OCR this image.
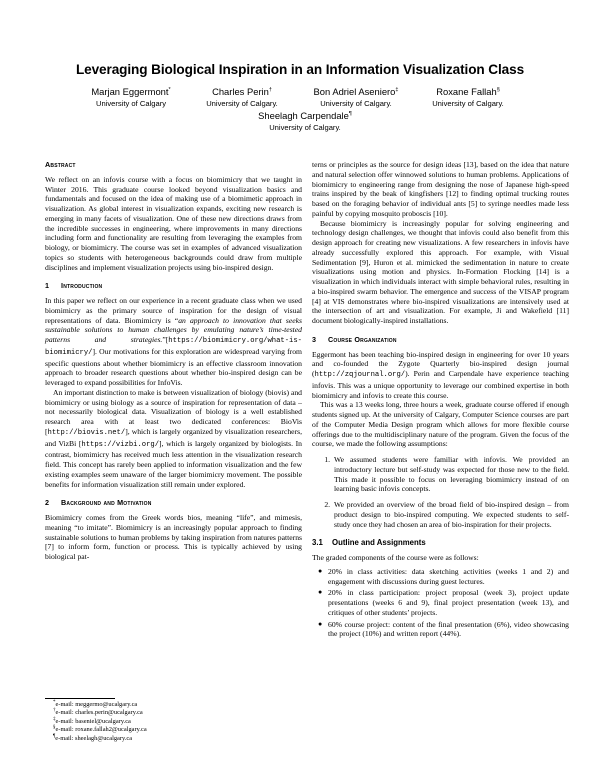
Leveraging Biological Inspiration in an Information Visualization Class
Marjan Eggermont*
University of Calgary
Charles Perin†
University of Calgary.
Bon Adriel Aseniero‡
University of Calgary.
Roxane Fallah§
University of Calgary.
Sheelagh Carpendale¶
University of Calgary.
Abstract

We reflect on an infovis course with a focus on biomimicry that we taught in Winter 2016. This graduate course looked beyond visualization basics and fundamentals and focused on the idea of making use of a biomimetic approach in visualization. As global interest in visualization expands, exciting new research is emerging in many facets of visualization. One of these new directions draws from the incredible successes in engineering, where improvements in many directions including form and functionality are resulting from leveraging the examples from biology, or biomimicry. The course was set in examples of advanced visualization topics so students with heterogeneous backgrounds could draw from multiple disciplines and implement visualization projects using bio-inspired design.

1 Introduction

In this paper we reflect on our experience in a recent graduate class when we used biomimicry as the primary source of inspiration for the design of visual representations of data. Biomimicry is “an approach to innovation that seeks sustainable solutions to human challenges by emulating nature’s time-tested patterns and strategies.”[https://biomimicry.org/what-is-biomimicry/]. Our motivations for this exploration are widespread varying from specific questions about whether biomimicry is an effective classroom innovation approach to broader research questions about whether bio-inspired design can be leveraged to expand possibilities for InfoVis.

An important distinction to make is between visualization of biology (biovis) and biomimicry or using biology as a source of inspiration for representation of data – not necessarily biological data. Visualization of biology is a well established research area with at least two dedicated conferences: BioVis [http://biovis.net/], which is largely organized by visualization researchers, and VizBi [https://vizbi.org/], which is largely organized by biologists. In contrast, biomimicry has received much less attention in the visualization research field. This concept has rarely been applied to information visualization and the few existing examples seem unaware of the larger biomimicry movement. The possible benefits for information visualization still remain under explored.

2 Background and Motivation

Biomimicry comes from the Greek words bios, meaning “life”, and mimesis, meaning “to imitate”. Biomimicry is an increasingly popular approach to finding sustainable solutions to human problems by taking inspiration from natures patterns [7] to inform form, function or process. This is typically achieved by using biological pat-

*e-mail: meggermo@ucalgary.ca
†e-mail: charles.perin@ucalgary.ca
‡e-mail: baseniel@ucalgary.ca
§e-mail: roxane.fallah2@ucalgary.ca
¶e-mail: sheelagh@ucalgary.ca

terns or principles as the source for design ideas [13], based on the idea that nature and natural selection offer winnowed solutions to human problems. Applications of biomimicry to engineering range from designing the nose of Japanese high-speed trains inspired by the beak of kingfishers [12] to finding optimal trucking routes based on the foraging behavior of individual ants [5] to syringe needles made less painful by copying mosquito proboscis [10].

Because biomimicry is increasingly popular for solving engineering and technology design challenges, we thought that infovis could also benefit from this design approach for creating new visualizations. A few researchers in infovis have already successfully explored this approach. For example, with Visual Sedimentation [9], Huron et al. mimicked the sedimentation in nature to create visualizations using motion and physics. In-Formation Flocking [14] is a visualization in which individuals interact with simple behavioral rules, resulting in a bio-inspired swarm behavior. The emergence and success of the VISAP program [4] at VIS demonstrates where bio-inspired visualizations are intensively used at the intersection of art and visualization. For example, Ji and Wakefield [11] document biologically-inspired installations.

3 Course Organization

Eggermont has been teaching bio-inspired design in engineering for over 10 years and co-founded the Zygote Quarterly bio-inspired design journal (http://zqjournal.org/). Perin and Carpendale have experience teaching infovis. This was a unique opportunity to leverage our combined expertise in both biomimicry and infovis to create this course.

This was a 13 weeks long, three hours a week, graduate course offered if enough students signed up. At the university of Calgary, Computer Science courses are part of the Computer Media Design program which allows for more flexible course offerings due to the multidisciplinary nature of the program. Given the focus of the course, we made the following assumptions:

1. We assumed students were familiar with infovis. We provided an introductory lecture but self-study was expected for those new to the field. This made it possible to focus on leveraging biomimicry instead of on learning basic infovis concepts.
2. We provided an overview of the broad field of bio-inspired design – from product design to bio-inspired computing. We expected students to self-study once they had chosen an area of bio-inspiration for their projects.
3.1 Outline and Assignments

The graded components of the course were as follows:

● 20% in class activities: data sketching activities (weeks 1 and 2) and engagement with discussions during guest lectures.
● 20% in class participation: project proposal (week 3), project update presentations (weeks 6 and 9), final project presentation (week 13), and critiques of other students’ projects.
● 60% course project: content of the final presentation (6%), video showcasing the project (10%) and written report (44%).
